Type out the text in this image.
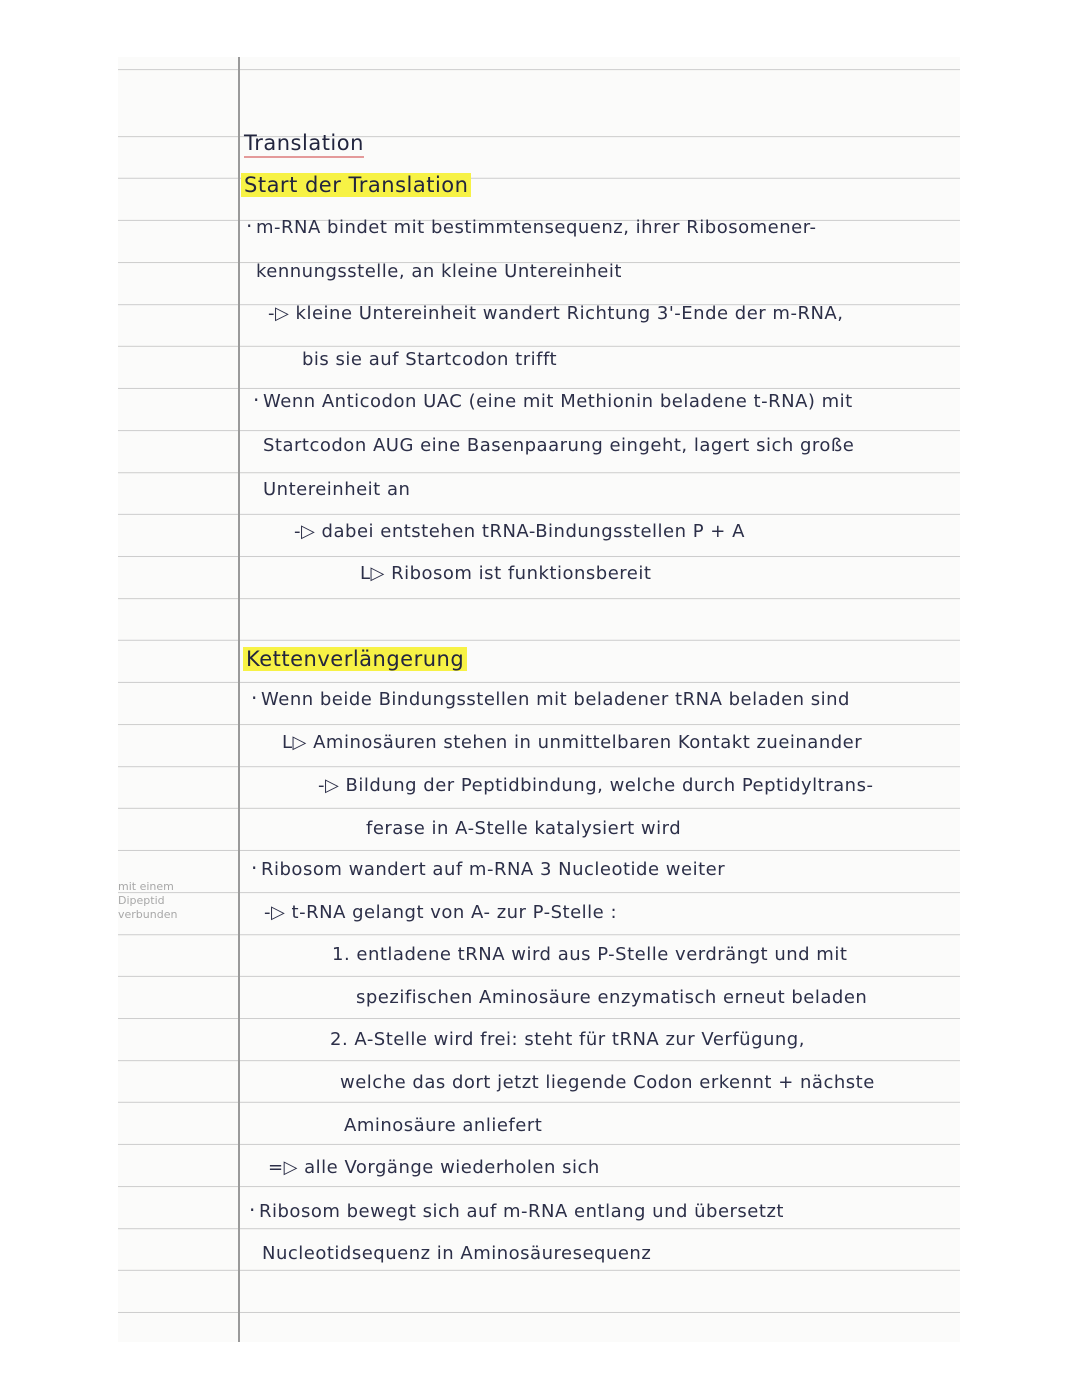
mit einem
Dipeptid
verbunden
Translation
Start der Translation
· m-RNA bindet mit bestimmtensequenz, ihrer Ribosomener-
kennungsstelle, an kleine Untereinheit
-▷ kleine Untereinheit wandert Richtung 3'-Ende der m-RNA,
bis sie auf Startcodon trifft
· Wenn Anticodon UAC (eine mit Methionin beladene t-RNA) mit
Startcodon AUG eine Basenpaarung eingeht, lagert sich große
Untereinheit an
-▷ dabei entstehen tRNA-Bindungsstellen P + A
L▷ Ribosom ist funktionsbereit
Kettenverlängerung
· Wenn beide Bindungsstellen mit beladener tRNA beladen sind
L▷ Aminosäuren stehen in unmittelbaren Kontakt zueinander
-▷ Bildung der Peptidbindung, welche durch Peptidyltrans-
ferase in A-Stelle katalysiert wird
· Ribosom wandert auf m-RNA 3 Nucleotide weiter
-▷ t-RNA gelangt von A- zur P-Stelle :
1. entladene tRNA wird aus P-Stelle verdrängt und mit
spezifischen Aminosäure enzymatisch erneut beladen
2. A-Stelle wird frei: steht für tRNA zur Verfügung,
welche das dort jetzt liegende Codon erkennt + nächste
Aminosäure anliefert
=▷ alle Vorgänge wiederholen sich
· Ribosom bewegt sich auf m-RNA entlang und übersetzt
Nucleotidsequenz in Aminosäuresequenz
